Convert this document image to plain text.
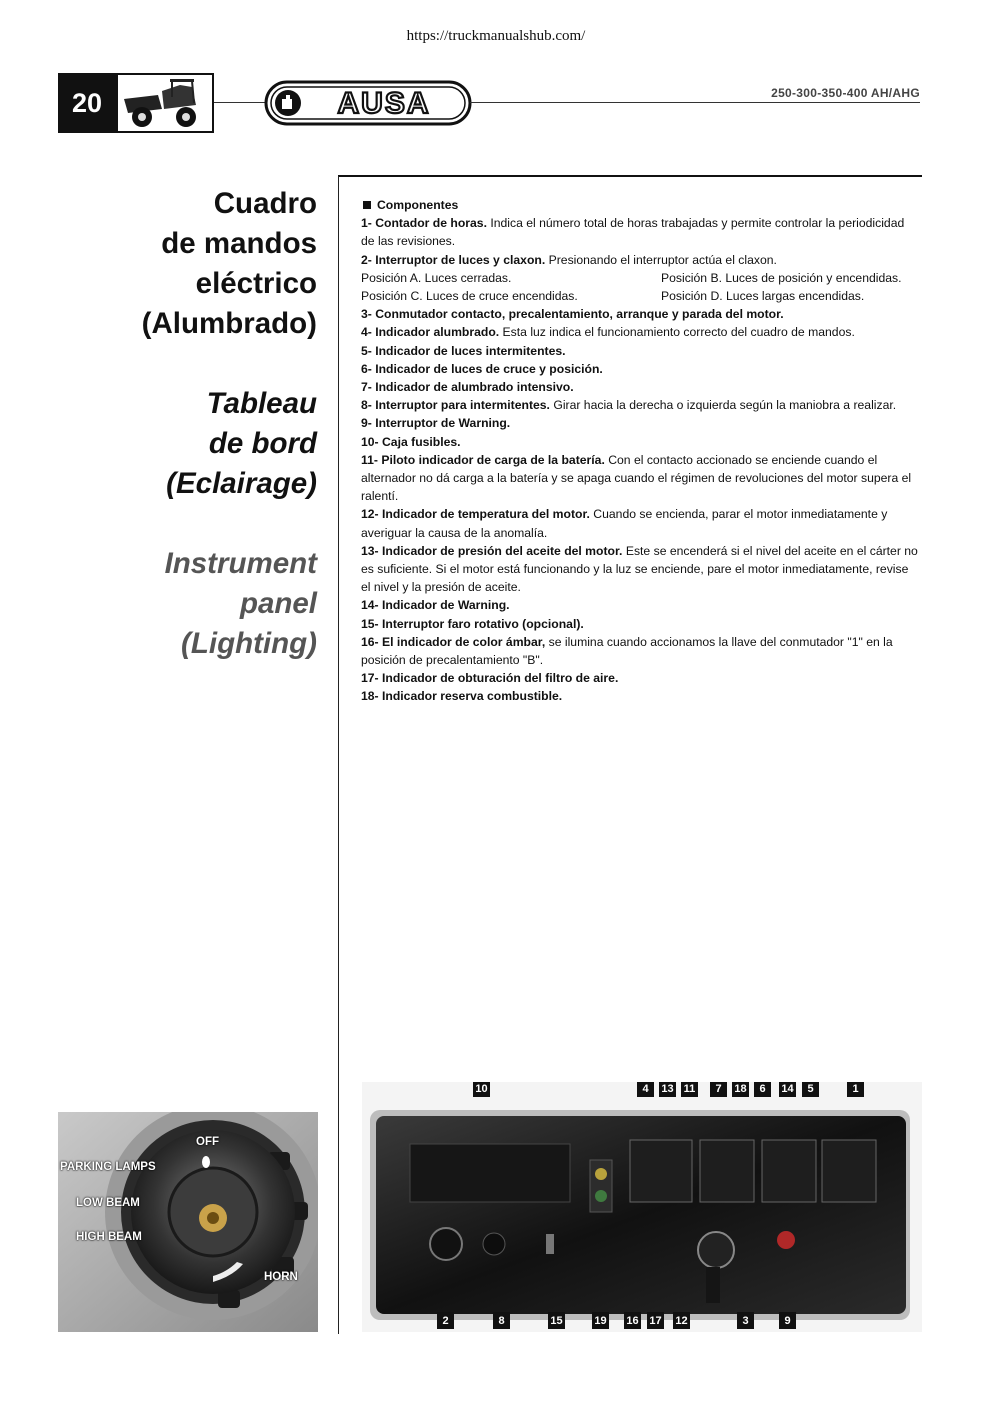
https://truckmanualshub.com/
20	AUSA	250-300-350-400 AH/AHG
Cuadro
de mandos
eléctrico
(Alumbrado)
Tableau
de bord
(Eclairage)
Instrument
panel
(Lighting)

Componentes

1- Contador de horas. Indica el número total de horas trabajadas y permite controlar la periodicidad de las revisiones.

2- Interruptor de luces y claxon. Presionando el interruptor actúa el claxon.

Posición A. Luces cerradas.	Posición B. Luces de posición y encendidas.
Posición C. Luces de cruce encendidas.	Posición D. Luces largas encendidas.

3- Conmutador contacto, precalentamiento, arranque y parada del motor.

4- Indicador alumbrado. Esta luz indica el funcionamiento correcto del cuadro de mandos.

5- Indicador de luces intermitentes.

6- Indicador de luces de cruce y posición.

7- Indicador de alumbrado intensivo.

8- Interruptor para intermitentes. Girar hacia la derecha o izquierda según la maniobra a realizar.

9- Interruptor de Warning.

10- Caja fusibles.

11- Piloto indicador de carga de la batería. Con el contacto accionado se enciende cuando el alternador no dá carga a la batería y se apaga cuando el régimen de revoluciones del motor supera el ralentí.

12- Indicador de temperatura del motor. Cuando se encienda, parar el motor inmediatamente y averiguar la causa de la anomalía.

13- Indicador de presión del aceite del motor. Este se encenderá si el nivel del aceite en el cárter no es suficiente. Si el motor está funcionando y la luz se enciende, pare el motor inmediatamente, revise el nivel y la presión de aceite.

14- Indicador de Warning.

15- Interruptor faro rotativo (opcional).

16- El indicador de color ámbar, se ilumina cuando accionamos la llave del conmutador "1" en la posición de precalentamiento "B".

17- Indicador de obturación del filtro de aire.

18- Indicador reserva combustible.

OFF
PARKING LAMPS
LOW BEAM
HIGH BEAM
HORN
10	4	13 11	7	18	6	14	5	1
2	8	15	19 16 17 12	3	9
